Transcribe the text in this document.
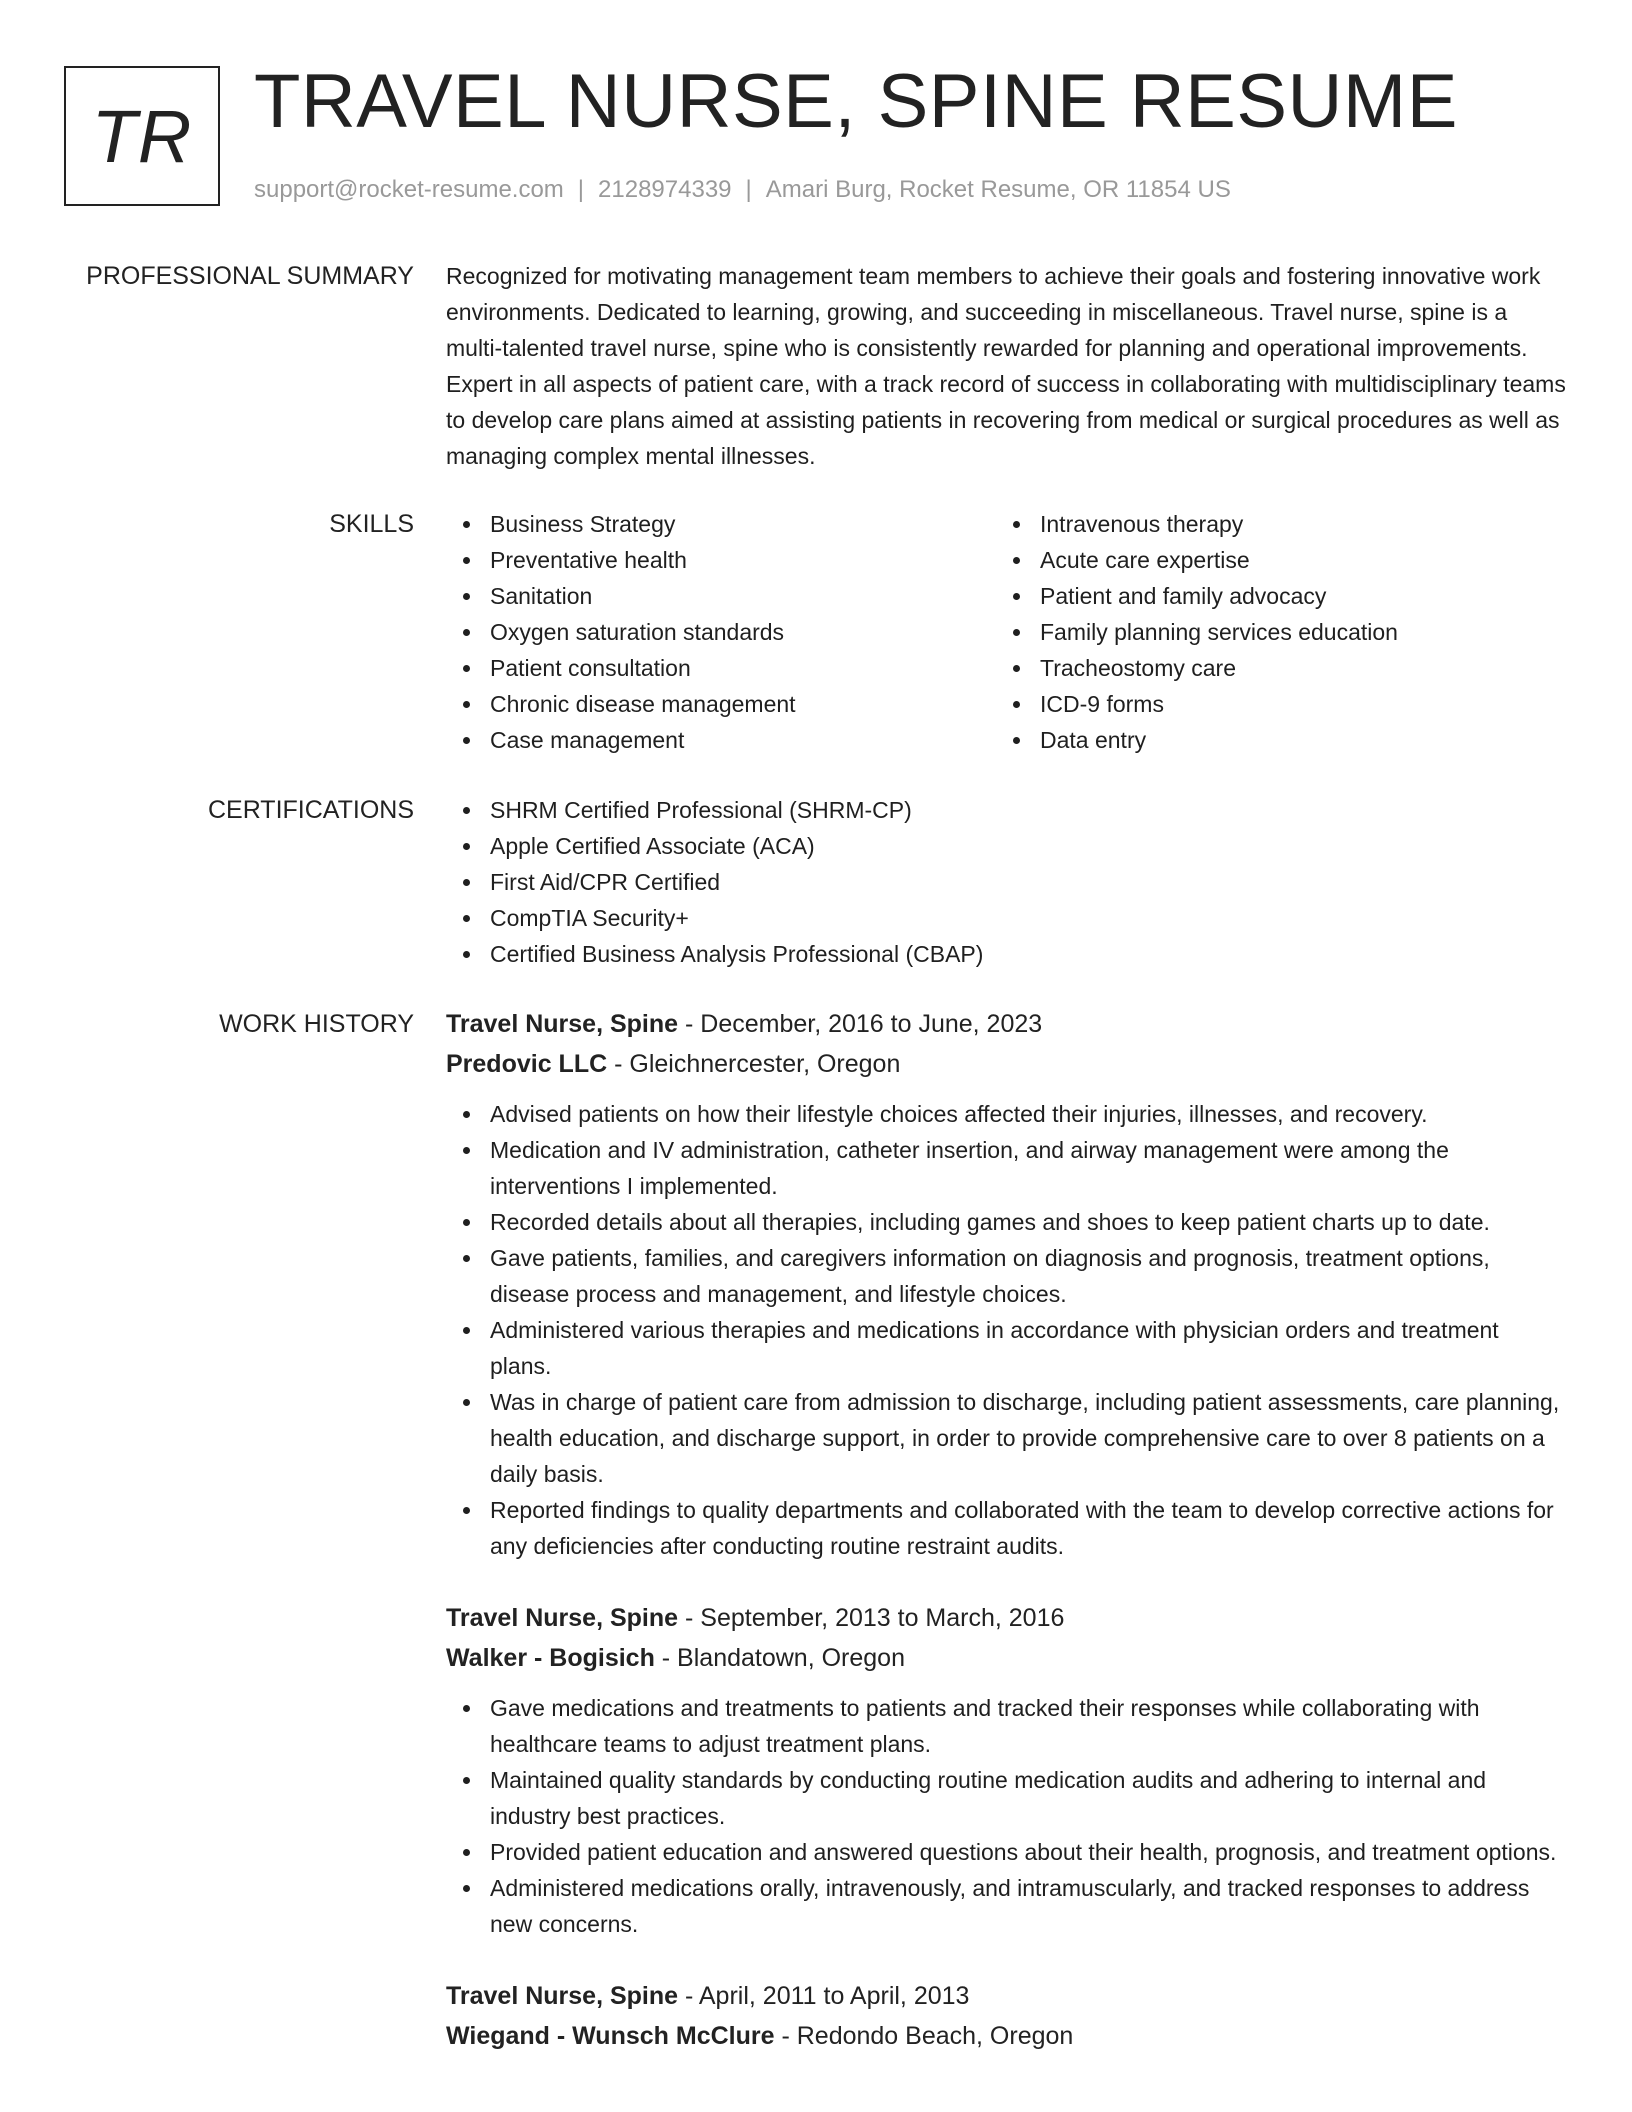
TR TRAVEL NURSE, SPINE RESUME
support@rocket-resume.com | 2128974339 | Amari Burg, Rocket Resume, OR 11854 US
PROFESSIONAL SUMMARY Recognized for motivating management team members to achieve their goals and fostering innovative work environments. Dedicated to learning, growing, and succeeding in miscellaneous. Travel nurse, spine is a multi-talented travel nurse, spine who is consistently rewarded for planning and operational improvements. Expert in all aspects of patient care, with a track record of success in collaborating with multidisciplinary teams to develop care plans aimed at assisting patients in recovering from medical or surgical procedures as well as managing complex mental illnesses.

SKILLS	Business Strategy
Preventative health
Sanitation
Oxygen saturation standards
Patient consultation
Chronic disease management
Case management
Intravenous therapy
Acute care expertise
Patient and family advocacy
Family planning services education
Tracheostomy care
ICD-9 forms
Data entry
CERTIFICATIONS	SHRM Certified Professional (SHRM-CP)
Apple Certified Associate (ACA)
First Aid/CPR Certified
CompTIA Security+
Certified Business Analysis Professional (CBAP)
WORK HISTORY Travel Nurse, Spine - December, 2016 to June, 2023
Predovic LLC - Gleichnercester, Oregon
Advised patients on how their lifestyle choices affected their injuries, illnesses, and recovery.
Medication and IV administration, catheter insertion, and airway management were among the interventions I implemented.
Recorded details about all therapies, including games and shoes to keep patient charts up to date.
Gave patients, families, and caregivers information on diagnosis and prognosis, treatment options, disease process and management, and lifestyle choices.
Administered various therapies and medications in accordance with physician orders and treatment plans.
Was in charge of patient care from admission to discharge, including patient assessments, care planning, health education, and discharge support, in order to provide comprehensive care to over 8 patients on a daily basis.
Reported findings to quality departments and collaborated with the team to develop corrective actions for any deficiencies after conducting routine restraint audits.
Travel Nurse, Spine - September, 2013 to March, 2016
Walker - Bogisich - Blandatown, Oregon
Gave medications and treatments to patients and tracked their responses while collaborating with healthcare teams to adjust treatment plans.
Maintained quality standards by conducting routine medication audits and adhering to internal and industry best practices.
Provided patient education and answered questions about their health, prognosis, and treatment options.
Administered medications orally, intravenously, and intramuscularly, and tracked responses to address new concerns.
Travel Nurse, Spine - April, 2011 to April, 2013
Wiegand - Wunsch McClure - Redondo Beach, Oregon
